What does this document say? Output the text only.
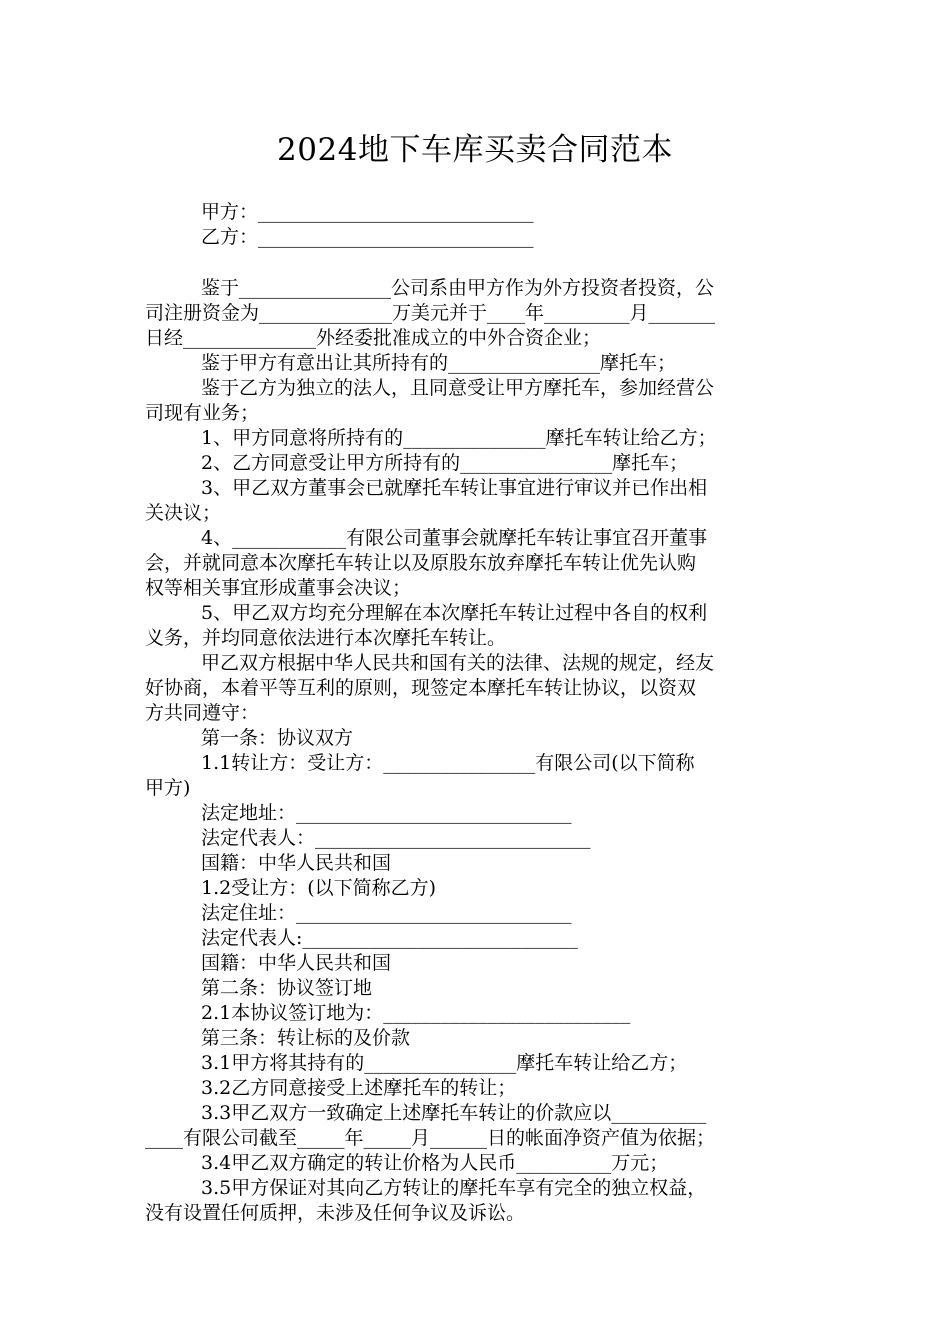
2024地下车库买卖合同范本
甲方：_____________________________
乙方：_____________________________
鉴于________________公司系由甲方作为外方投资者投资，公
司注册资金为______________万美元并于____年_________月_______
日经______________外经委批准成立的中外合资企业；
鉴于甲方有意出让其所持有的________________摩托车；
鉴于乙方为独立的法人，且同意受让甲方摩托车，参加经营公
司现有业务；
1、甲方同意将所持有的_______________摩托车转让给乙方；
2、乙方同意受让甲方所持有的________________摩托车；
3、甲乙双方董事会已就摩托车转让事宜进行审议并已作出相
关决议；
4、____________有限公司董事会就摩托车转让事宜召开董事
会，并就同意本次摩托车转让以及原股东放弃摩托车转让优先认购
权等相关事宜形成董事会决议；
5、甲乙双方均充分理解在本次摩托车转让过程中各自的权利
义务，并均同意依法进行本次摩托车转让。
甲乙双方根据中华人民共和国有关的法律、法规的规定，经友
好协商，本着平等互利的原则，现签定本摩托车转让协议，以资双
方共同遵守：
第一条：协议双方
1.1转让方：受让方：________________有限公司(以下简称
甲方)
法定地址：_____________________________
法定代表人：_____________________________
国籍：中华人民共和国
1.2受让方：(以下简称乙方)
法定住址：_____________________________
法定代表人:_____________________________
国籍：中华人民共和国
第二条：协议签订地
2.1本协议签订地为：__________________________
第三条：转让标的及价款
3.1甲方将其持有的________________摩托车转让给乙方；
3.2乙方同意接受上述摩托车的转让；
3.3甲乙双方一致确定上述摩托车转让的价款应以__________
____有限公司截至_____年_____月______日的帐面净资产值为依据；
3.4甲乙双方确定的转让价格为人民币__________万元；
3.5甲方保证对其向乙方转让的摩托车享有完全的独立权益，
没有设置任何质押，未涉及任何争议及诉讼。
